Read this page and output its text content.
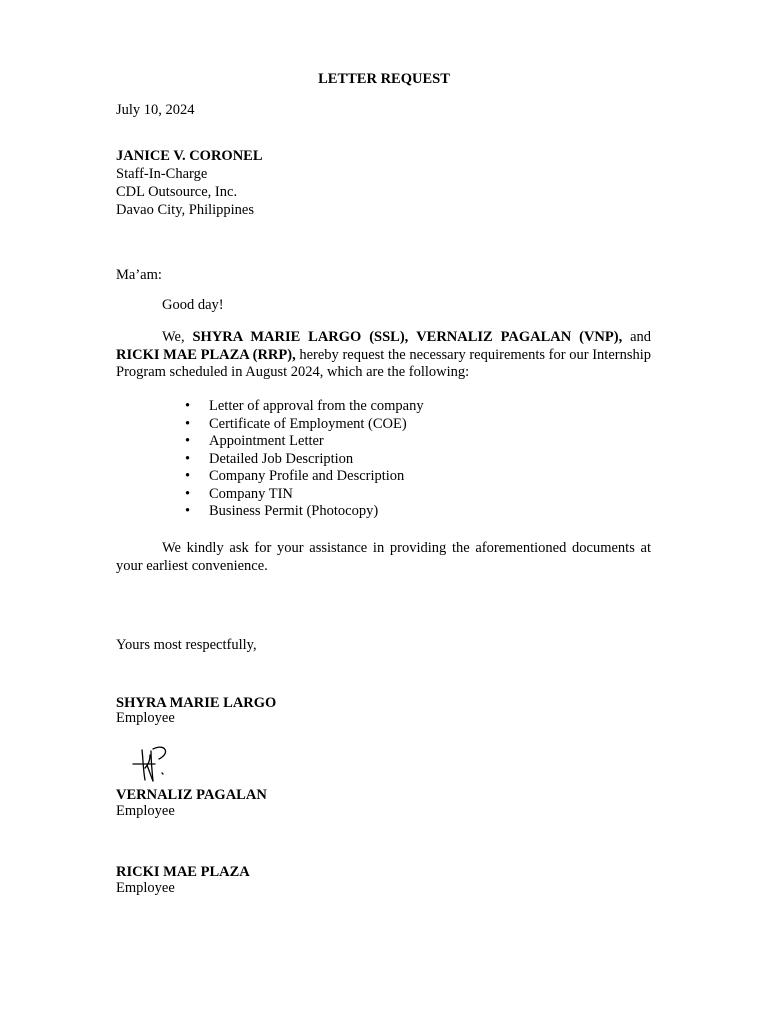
LETTER REQUEST
July 10, 2024
JANICE V. CORONEL
Staff-In-Charge
CDL Outsource, Inc.
Davao City, Philippines
Ma’am:
Good day!
We, SHYRA MARIE LARGO (SSL), VERNALIZ PAGALAN (VNP), and RICKI MAE PLAZA (RRP), hereby request the necessary requirements for our Internship Program scheduled in August 2024, which are the following:
• Letter of approval from the company
• Certificate of Employment (COE)
• Appointment Letter
• Detailed Job Description
• Company Profile and Description
• Company TIN
• Business Permit (Photocopy)
We kindly ask for your assistance in providing the aforementioned documents at your earliest convenience.
Yours most respectfully,
SHYRA MARIE LARGO
Employee
VERNALIZ PAGALAN
Employee
RICKI MAE PLAZA
Employee
